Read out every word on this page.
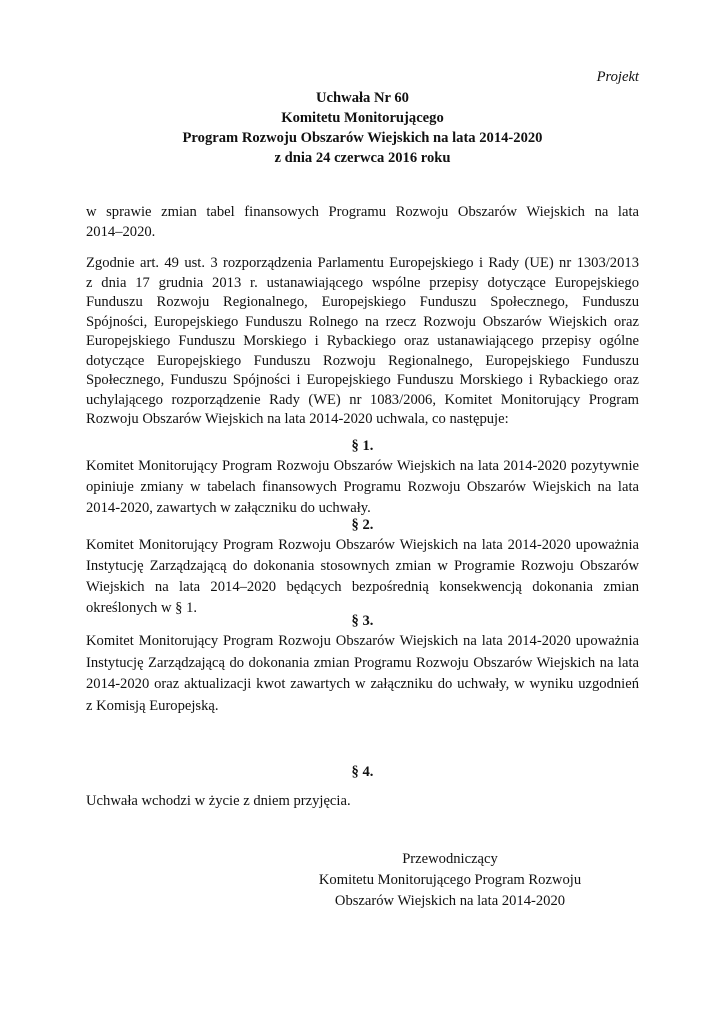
Projekt
Uchwała Nr 60
Komitetu Monitorującego
Program Rozwoju Obszarów Wiejskich na lata 2014-2020
z dnia 24 czerwca 2016 roku
w sprawie zmian tabel finansowych Programu Rozwoju Obszarów Wiejskich na lata
2014–2020.
Zgodnie art. 49 ust. 3 rozporządzenia Parlamentu Europejskiego i Rady (UE) nr 1303/2013
z dnia 17 grudnia 2013 r. ustanawiającego wspólne przepisy dotyczące Europejskiego
Funduszu Rozwoju Regionalnego, Europejskiego Funduszu Społecznego, Funduszu
Spójności, Europejskiego Funduszu Rolnego na rzecz Rozwoju Obszarów Wiejskich oraz
Europejskiego Funduszu Morskiego i Rybackiego oraz ustanawiającego przepisy ogólne
dotyczące Europejskiego Funduszu Rozwoju Regionalnego, Europejskiego Funduszu
Społecznego, Funduszu Spójności i Europejskiego Funduszu Morskiego i Rybackiego oraz
uchylającego rozporządzenie Rady (WE) nr 1083/2006, Komitet Monitorujący Program
Rozwoju Obszarów Wiejskich na lata 2014-2020 uchwala, co następuje:
§ 1.
Komitet Monitorujący Program Rozwoju Obszarów Wiejskich na lata 2014-2020 pozytywnie
opiniuje zmiany w tabelach finansowych Programu Rozwoju Obszarów Wiejskich na lata
2014-2020, zawartych w załączniku do uchwały.
§ 2.
Komitet Monitorujący Program Rozwoju Obszarów Wiejskich na lata 2014-2020 upoważnia
Instytucję Zarządzającą do dokonania stosownych zmian w Programie Rozwoju Obszarów
Wiejskich na lata 2014–2020 będących bezpośrednią konsekwencją dokonania zmian
określonych w § 1.
§ 3.
Komitet Monitorujący Program Rozwoju Obszarów Wiejskich na lata 2014-2020 upoważnia
Instytucję Zarządzającą do dokonania zmian Programu Rozwoju Obszarów Wiejskich na lata
2014-2020 oraz aktualizacji kwot zawartych w załączniku do uchwały, w wyniku uzgodnień
z Komisją Europejską.
§ 4.
Uchwała wchodzi w życie z dniem przyjęcia.
Przewodniczący
Komitetu Monitorującego Program Rozwoju
Obszarów Wiejskich na lata 2014-2020
